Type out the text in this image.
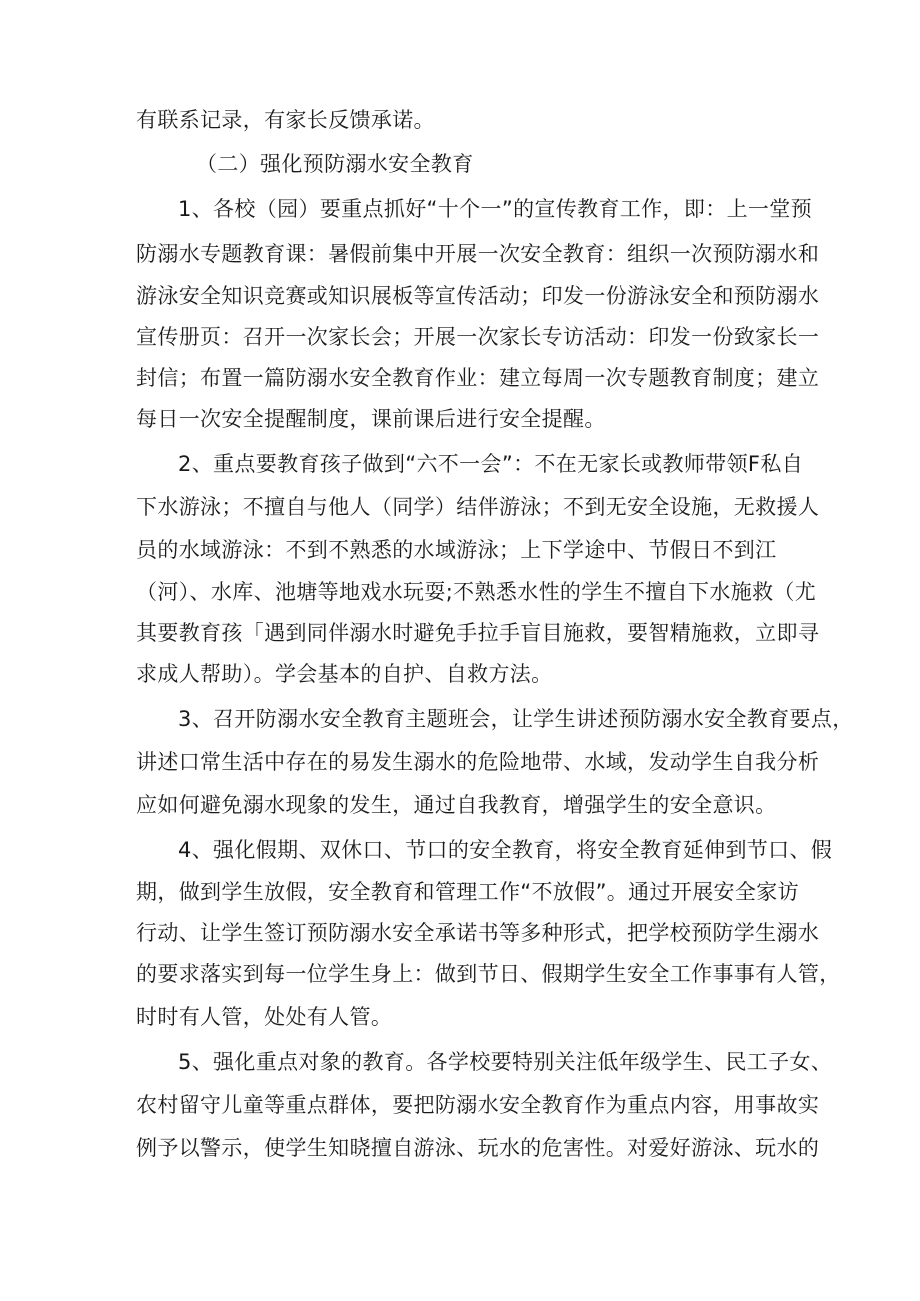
有联系记录，有家长反馈承诺。
（二）强化预防溺水安全教育
1、各校（园）要重点抓好“十个一”的宣传教育工作，即：上一堂预
防溺水专题教育课：暑假前集中开展一次安全教育：组织一次预防溺水和
游泳安全知识竞赛或知识展板等宣传活动；印发一份游泳安全和预防溺水
宣传册页：召开一次家长会；开展一次家长专访活动：印发一份致家长一
封信；布置一篇防溺水安全教育作业：建立每周一次专题教育制度；建立
每日一次安全提醒制度，课前课后进行安全提醒。
2、重点要教育孩子做到“六不一会”：不在无家长或教师带领F私自
下水游泳；不擅自与他人（同学）结伴游泳；不到无安全设施，无救援人
员的水域游泳：不到不熟悉的水域游泳；上下学途中、节假日不到江
（河）、水库、池塘等地戏水玩耍;不熟悉水性的学生不擅自下水施救（尤
其要教育孩「遇到同伴溺水时避免手拉手盲目施救，要智精施救，立即寻
求成人帮助）。学会基本的自护、自救方法。
3、召开防溺水安全教育主题班会，让学生讲述预防溺水安全教育要点，
讲述口常生活中存在的易发生溺水的危险地带、水域，发动学生自我分析
应如何避免溺水现象的发生，通过自我教育，增强学生的安全意识。
4、强化假期、双休口、节口的安全教育，将安全教育延伸到节口、假
期，做到学生放假，安全教育和管理工作“不放假”。通过开展安全家访
行动、让学生签订预防溺水安全承诺书等多种形式，把学校预防学生溺水
的要求落实到每一位学生身上：做到节日、假期学生安全工作事事有人管，
时时有人管，处处有人管。
5、强化重点对象的教育。各学校要特别关注低年级学生、民工子女、
农村留守儿童等重点群体，要把防溺水安全教育作为重点内容，用事故实
例予以警示，使学生知晓擅自游泳、玩水的危害性。对爱好游泳、玩水的
